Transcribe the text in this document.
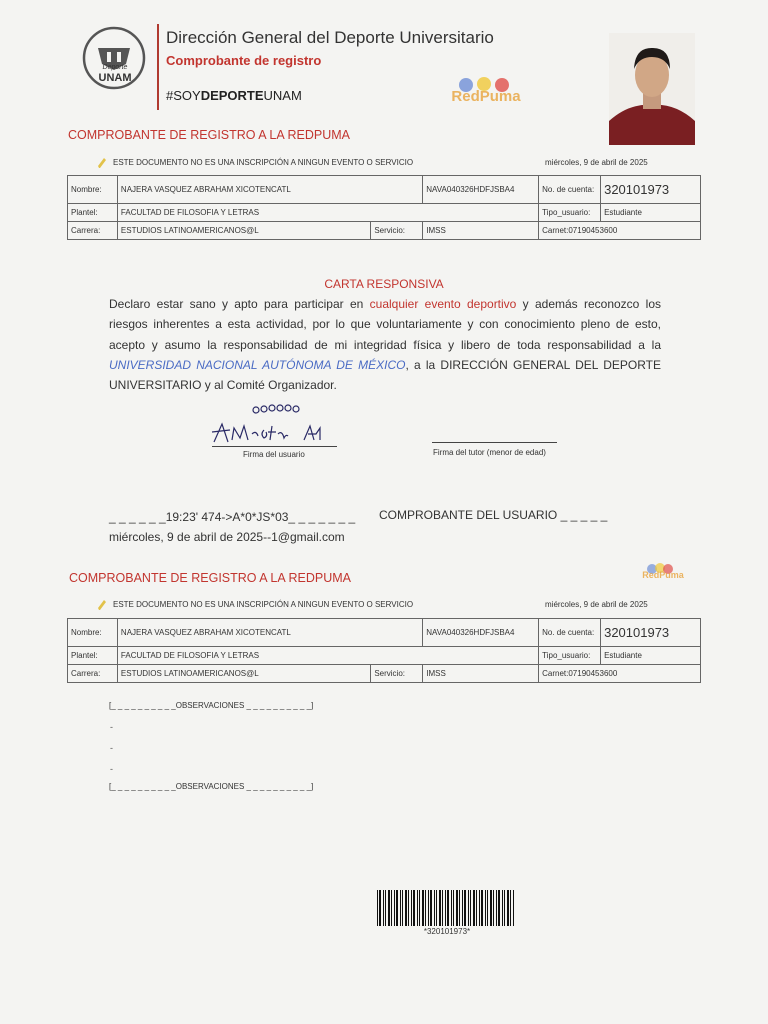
Deporte
UNAM
Dirección General del Deporte Universitario
Comprobante de registro
#SOYDEPORTEUNAM	RedPuma
COMPROBANTE DE REGISTRO A LA REDPUMA
ESTE DOCUMENTO NO ES UNA INSCRIPCIÓN A NINGUN EVENTO O SERVICIO	miércoles, 9 de abril de 2025
Nombre:	NAJERA VASQUEZ ABRAHAM XICOTENCATL		NAVA040326HDFJSBA4	No. de cuenta:	320101973
Plantel:	FACULTAD DE FILOSOFIA Y LETRAS			Tipo_usuario:	Estudiante
Carrera:	ESTUDIOS LATINOAMERICANOS@L	Servicio:	IMSS	Carnet:07190453600	
CARTA RESPONSIVA
Declaro estar sano y apto para participar en cualquier evento deportivo y además reconozco los riesgos inherentes a esta actividad, por lo que voluntariamente y con conocimiento pleno de esto, acepto y asumo la responsabilidad de mi integridad física y libero de toda responsabilidad a la UNIVERSIDAD NACIONAL AUTÓNOMA DE MÉXICO, a la DIRECCIÓN GENERAL DEL DEPORTE UNIVERSITARIO y al Comité Organizador.
Firma del usuario	Firma del tutor (menor de edad)
_ _ _ _ _ _19:23' 474->A*0*JS*03_ _ _ _ _ _ _ COMPROBANTE DEL USUARIO _ _ _ _ _
miércoles, 9 de abril de 2025--1@gmail.com
COMPROBANTE DE REGISTRO A LA REDPUMA	RedPuma
ESTE DOCUMENTO NO ES UNA INSCRIPCIÓN A NINGUN EVENTO O SERVICIO	miércoles, 9 de abril de 2025
Nombre:	NAJERA VASQUEZ ABRAHAM XICOTENCATL		NAVA040326HDFJSBA4	No. de cuenta:	320101973
Plantel:	FACULTAD DE FILOSOFIA Y LETRAS			Tipo_usuario:	Estudiante
Carrera:	ESTUDIOS LATINOAMERICANOS@L	Servicio:	IMSS	Carnet:07190453600	
[_ _ _ _ _ _ _ _ _ _OBSERVACIONES _ _ _ _ _ _ _ _ _ _]
-
-
-
[_ _ _ _ _ _ _ _ _ _OBSERVACIONES _ _ _ _ _ _ _ _ _ _]
*320101973*
